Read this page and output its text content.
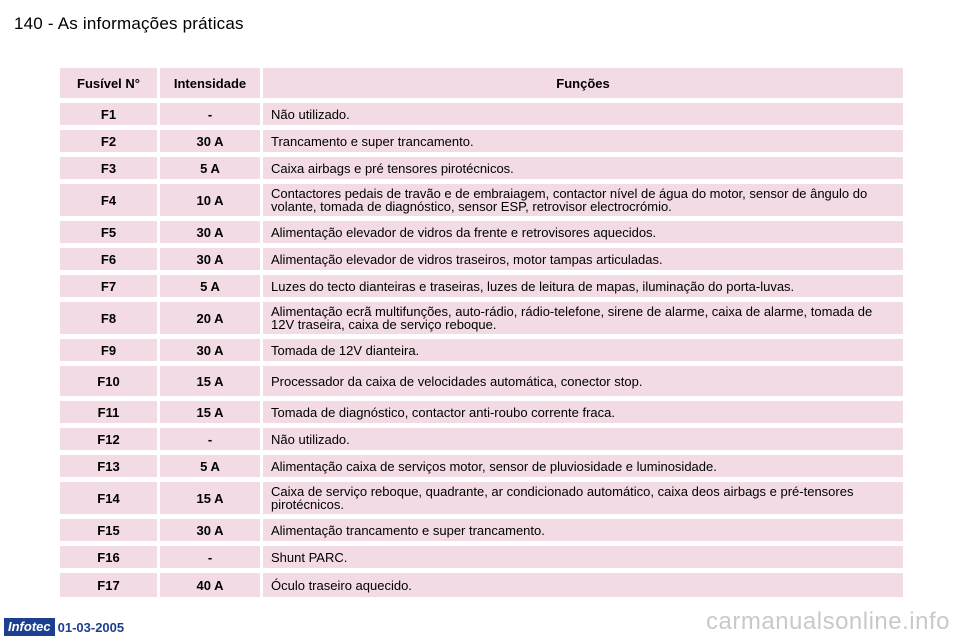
140 - As informações práticas
Fusível N°	Intensidade	Funções
F1	-	Não utilizado.
F2	30 A	Trancamento e super trancamento.
F3	5 A	Caixa airbags e pré tensores pirotécnicos.
F4	10 A	Contactores pedais de travão e de embraiagem, contactor nível de água do motor, sensor de ângulo do volante, tomada de diagnóstico, sensor ESP, retrovisor electrocrómio.
F5	30 A	Alimentação elevador de vidros da frente e retrovisores aquecidos.
F6	30 A	Alimentação elevador de vidros traseiros, motor tampas articuladas.
F7	5 A	Luzes do tecto dianteiras e traseiras, luzes de leitura de mapas, iluminação do porta-luvas.
F8	20 A	Alimentação ecrã multifunções, auto-rádio, rádio-telefone, sirene de alarme, caixa de alarme, tomada de 12V traseira, caixa de serviço reboque.
F9	30 A	Tomada de 12V dianteira.
F10	15 A	Processador da caixa de velocidades automática, conector stop.
F11	15 A	Tomada de diagnóstico, contactor anti-roubo corrente fraca.
F12	-	Não utilizado.
F13	5 A	Alimentação caixa de serviços motor, sensor de pluviosidade e luminosidade.
F14	15 A	Caixa de serviço reboque, quadrante, ar condicionado automático, caixa deos airbags e pré-tensores pirotécnicos.
F15	30 A	Alimentação trancamento e super trancamento.
F16	-	Shunt PARC.
F17	40 A	Óculo traseiro aquecido.
Infotec 01-03-2005	carmanualsonline.info
